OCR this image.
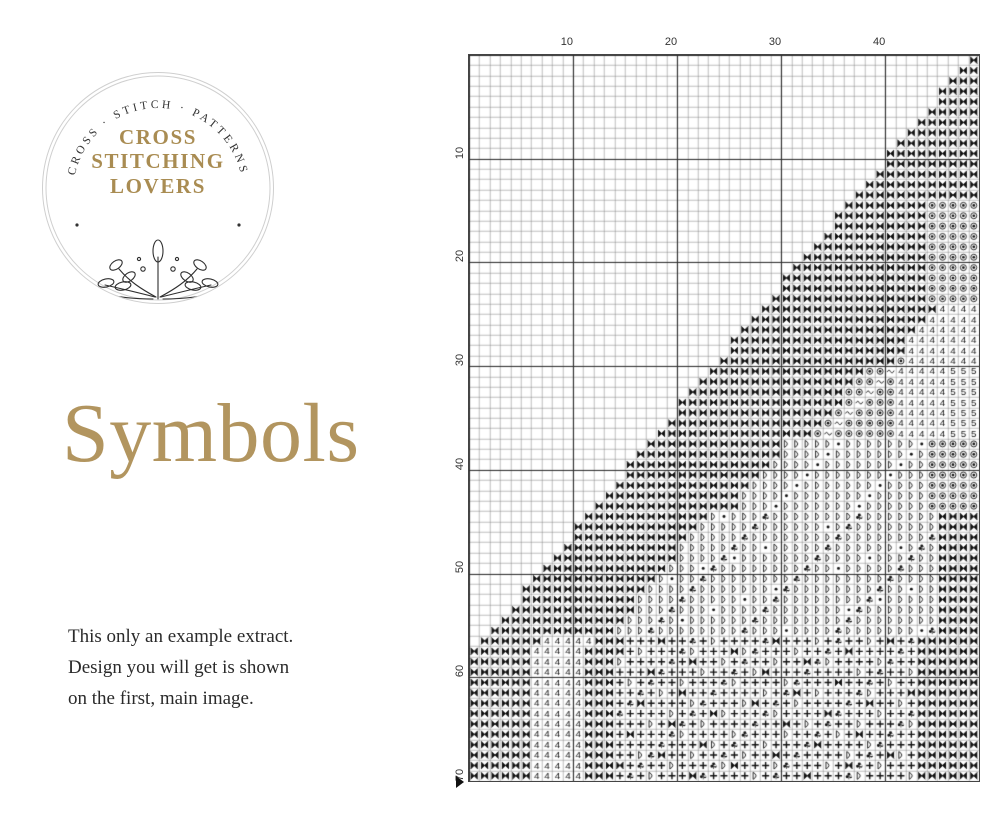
CROSS · STITCH · PATTERNS
CROSS
STITCHING
LOVERS
Symbols

This only an example extract.

Design you will get is shown

on the first, main image.

10	20	30	40
10
20
30
40
50
60
70
